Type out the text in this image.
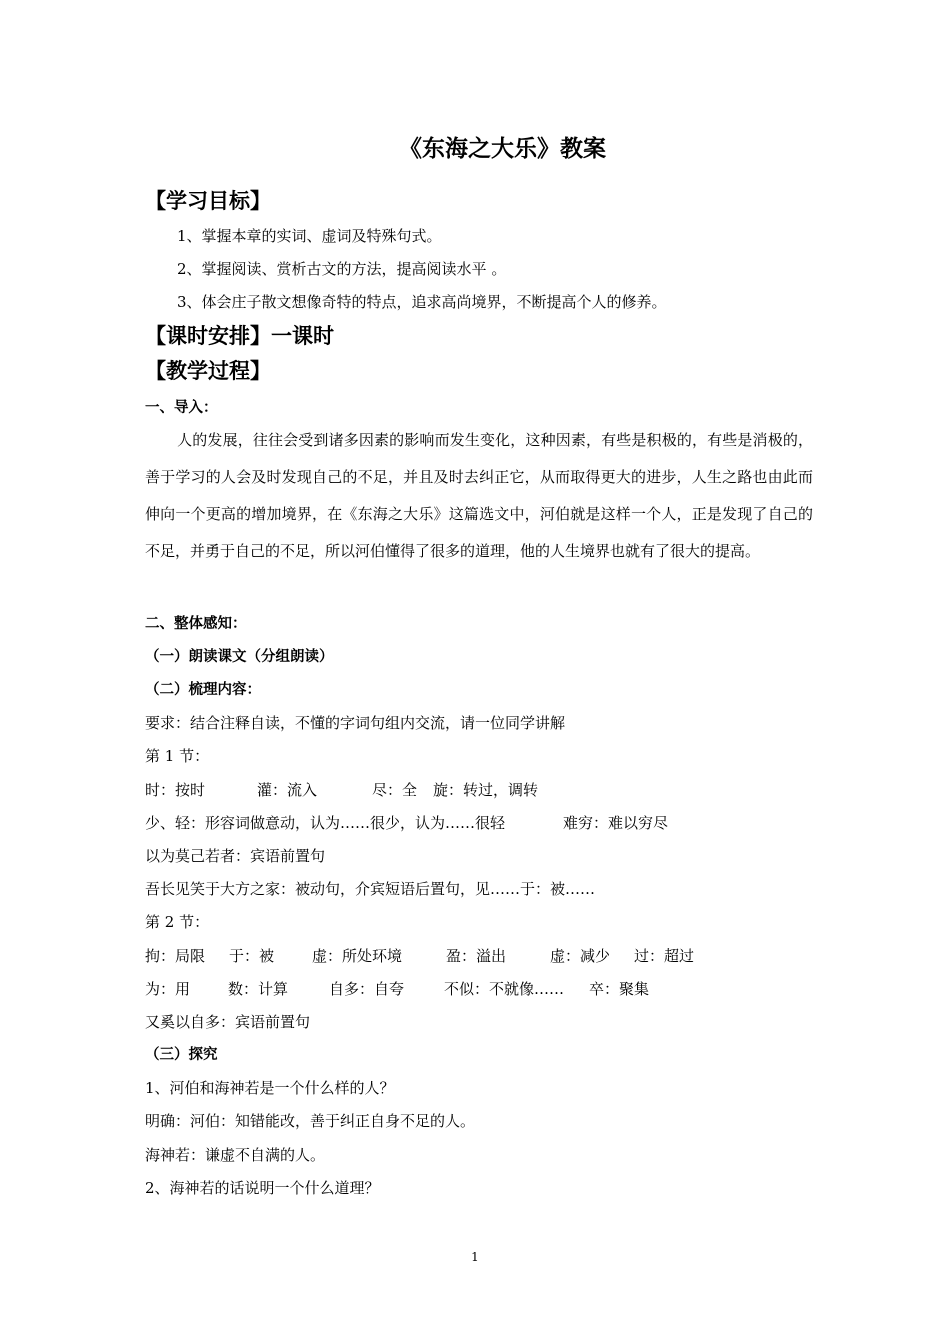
《东海之大乐》教案
【学习目标】
1、掌握本章的实词、虚词及特殊句式。
2、掌握阅读、赏析古文的方法，提高阅读水平 。
3、体会庄子散文想像奇特的特点，追求高尚境界，不断提高个人的修养。
【课时安排】一课时
【教学过程】
一、导入：
人的发展，往往会受到诸多因素的影响而发生变化，这种因素，有些是积极的，有些是消极的，善于学习的人会及时发现自己的不足，并且及时去纠正它，从而取得更大的进步，人生之路也由此而伸向一个更高的增加境界，在《东海之大乐》这篇选文中，河伯就是这样一个人，正是发现了自己的不足，并勇于自己的不足，所以河伯懂得了很多的道理，他的人生境界也就有了很大的提高。
二、整体感知：
（一）朗读课文（分组朗读）
（二）梳理内容：
要求：结合注释自读，不懂的字词句组内交流，请一位同学讲解
第 1 节：
时：按时	灌：流入	尽：全 旋：转过，调转
少、轻：形容词做意动，认为……很少，认为……很轻	难穷：难以穷尽
以为莫己若者：宾语前置句
吾长见笑于大方之家：被动句，介宾短语后置句，见……于：被……
第 2 节：
拘：局限 于：被	虚：所处环境	盈：溢出	虚：减少 过：超过
为：用	数：计算	自多：自夸	不似：不就像…… 卒：聚集
又奚以自多：宾语前置句
（三）探究
1、河伯和海神若是一个什么样的人？
明确：河伯：知错能改，善于纠正自身不足的人。
海神若：谦虚不自满的人。
2、海神若的话说明一个什么道理？
1
